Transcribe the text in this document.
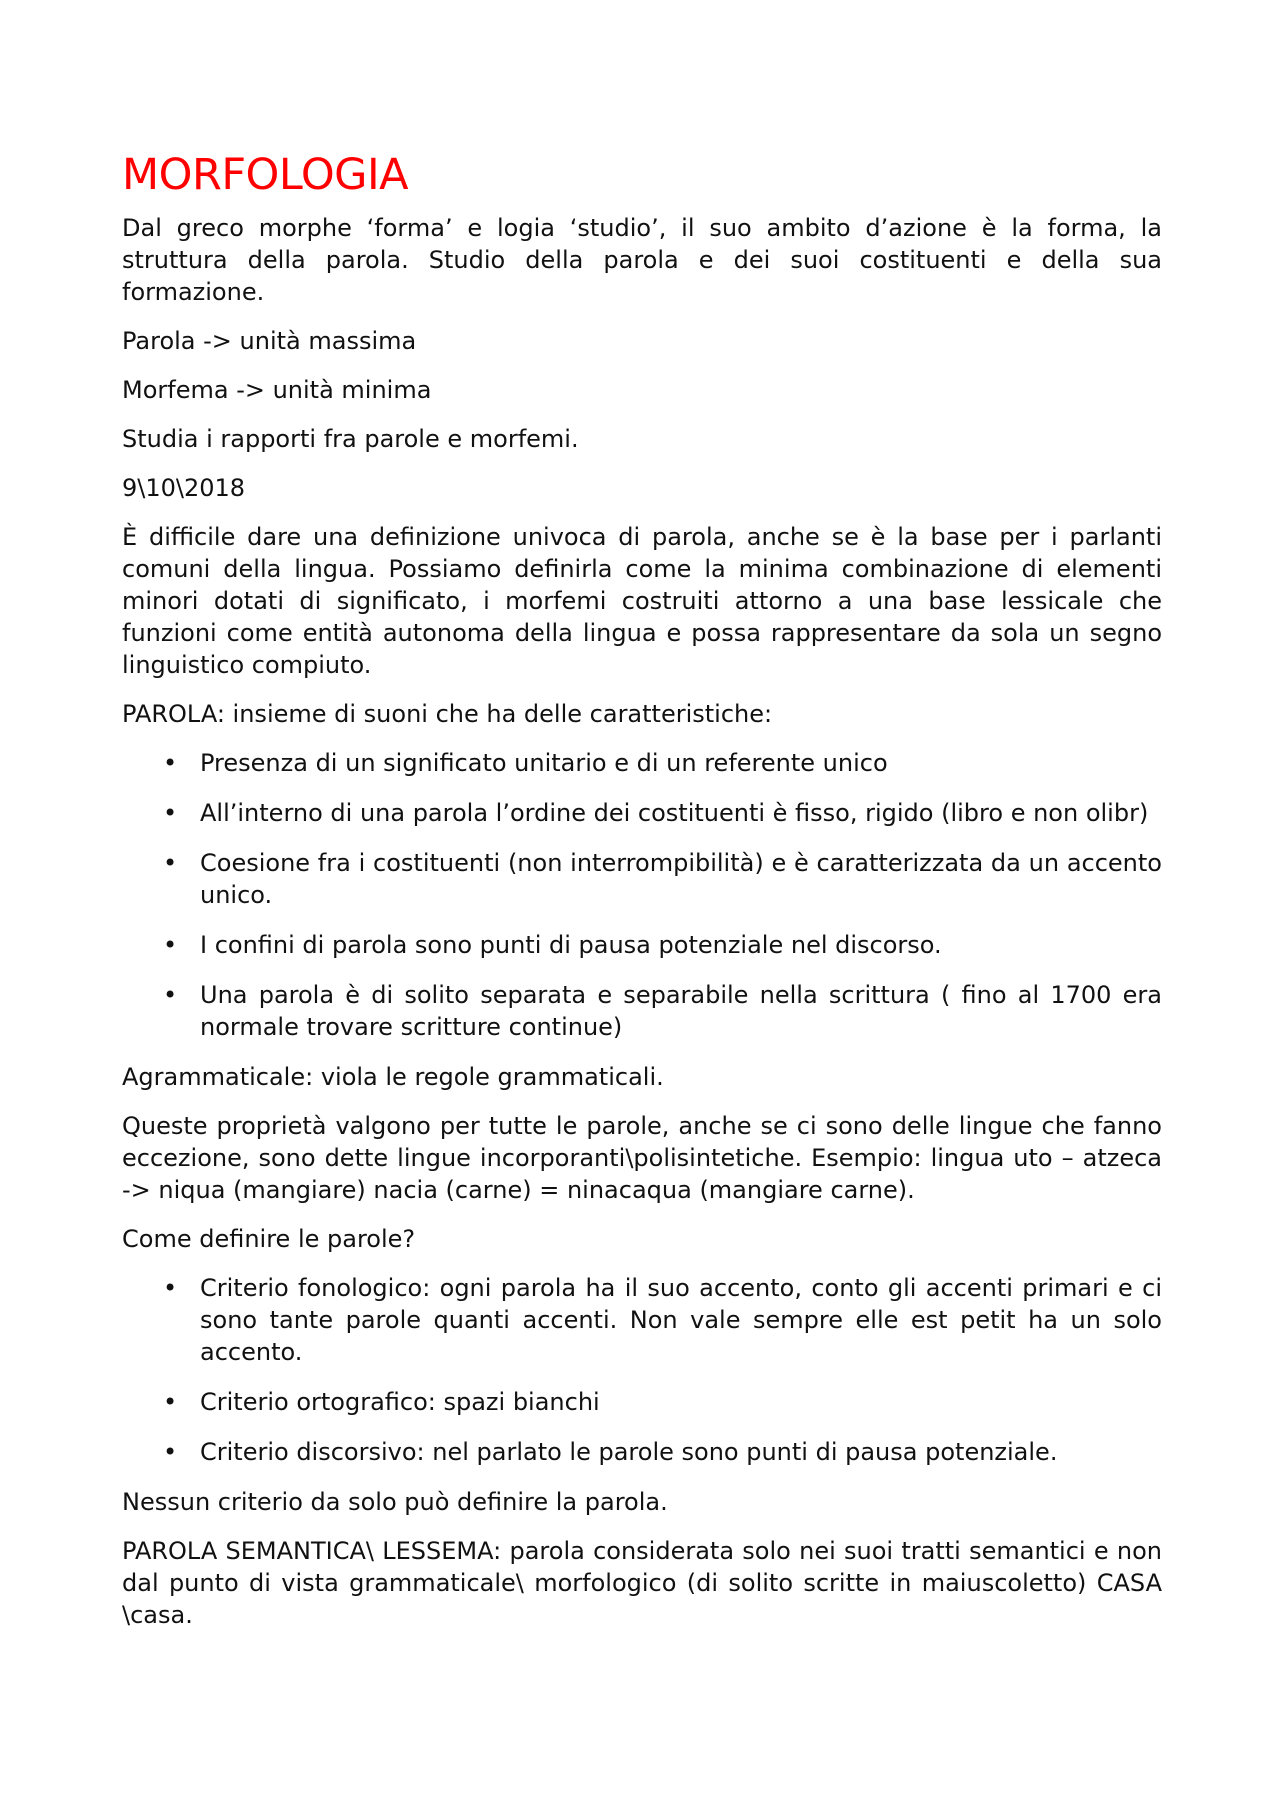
MORFOLOGIA

Dal greco morphe ‘forma’ e logia ‘studio’, il suo ambito d’azione è la forma, la struttura della parola. Studio della parola e dei suoi costituenti e della sua formazione.

Parola -> unità massima

Morfema -> unità minima

Studia i rapporti fra parole e morfemi.

9\10\2018

È difficile dare una definizione univoca di parola, anche se è la base per i parlanti comuni della lingua. Possiamo definirla come la minima combinazione di elementi minori dotati di significato, i morfemi costruiti attorno a una base lessicale che funzioni come entità autonoma della lingua e possa rappresentare da sola un segno linguistico compiuto.

PAROLA: insieme di suoni che ha delle caratteristiche:

• Presenza di un significato unitario e di un referente unico
• All’interno di una parola l’ordine dei costituenti è fisso, rigido (libro e non olibr)
• Coesione fra i costituenti (non interrompibilità) e è caratterizzata da un accento unico.
• I confini di parola sono punti di pausa potenziale nel discorso.
• Una parola è di solito separata e separabile nella scrittura ( fino al 1700 era normale trovare scritture continue)

Agrammaticale: viola le regole grammaticali.

Queste proprietà valgono per tutte le parole, anche se ci sono delle lingue che fanno eccezione, sono dette lingue incorporanti\polisintetiche. Esempio: lingua uto – atzeca -> niqua (mangiare) nacia (carne) = ninacaqua (mangiare carne).

Come definire le parole?

• Criterio fonologico: ogni parola ha il suo accento, conto gli accenti primari e ci sono tante parole quanti accenti. Non vale sempre elle est petit ha un solo accento.
• Criterio ortografico: spazi bianchi
• Criterio discorsivo: nel parlato le parole sono punti di pausa potenziale.

Nessun criterio da solo può definire la parola.

PAROLA SEMANTICA\ LESSEMA: parola considerata solo nei suoi tratti semantici e non dal punto di vista grammaticale\ morfologico (di solito scritte in maiuscoletto) CASA \casa.
